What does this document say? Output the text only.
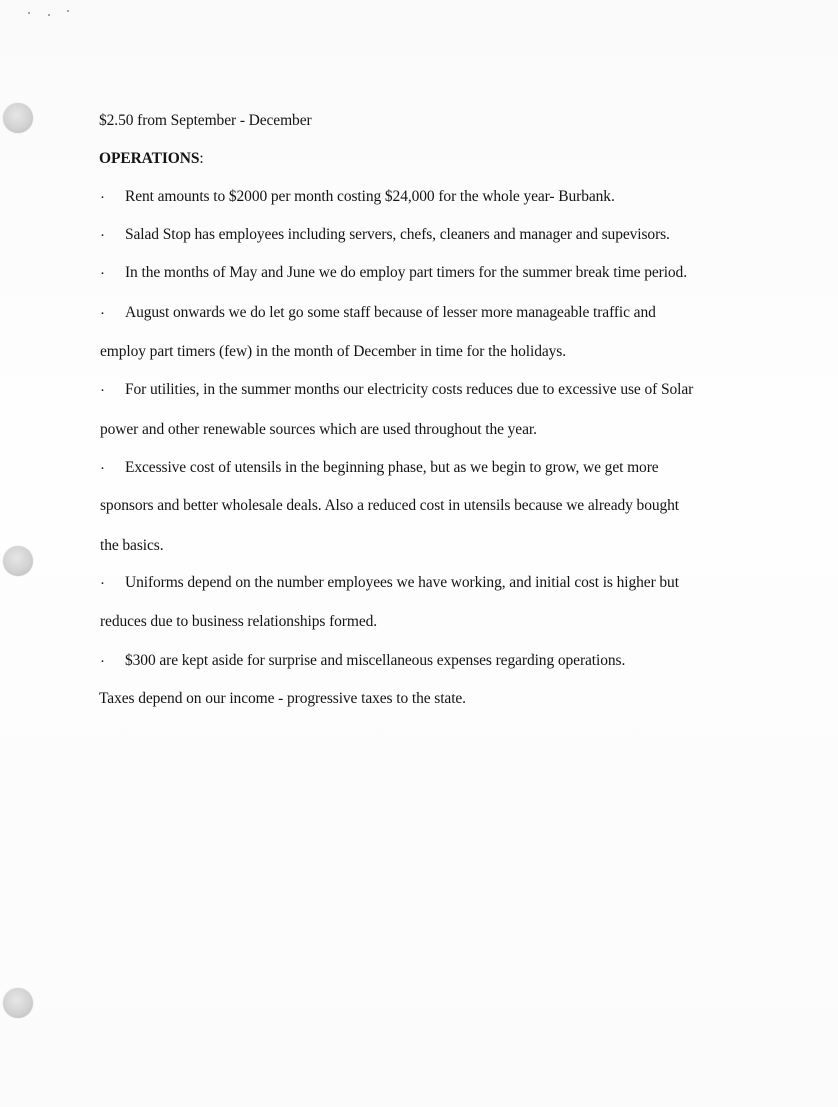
$2.50 from September - December
OPERATIONS:
· Rent amounts to $2000 per month costing $24,000 for the whole year- Burbank.
· Salad Stop has employees including servers, chefs, cleaners and manager and supevisors.
· In the months of May and June we do employ part timers for the summer break time period.
· August onwards we do let go some staff because of lesser more manageable traffic and
employ part timers (few) in the month of December in time for the holidays.
· For utilities, in the summer months our electricity costs reduces due to excessive use of Solar
power and other renewable sources which are used throughout the year.
· Excessive cost of utensils in the beginning phase, but as we begin to grow, we get more
sponsors and better wholesale deals. Also a reduced cost in utensils because we already bought
the basics.
· Uniforms depend on the number employees we have working, and initial cost is higher but
reduces due to business relationships formed.
· $300 are kept aside for surprise and miscellaneous expenses regarding operations.
Taxes depend on our income - progressive taxes to the state.
